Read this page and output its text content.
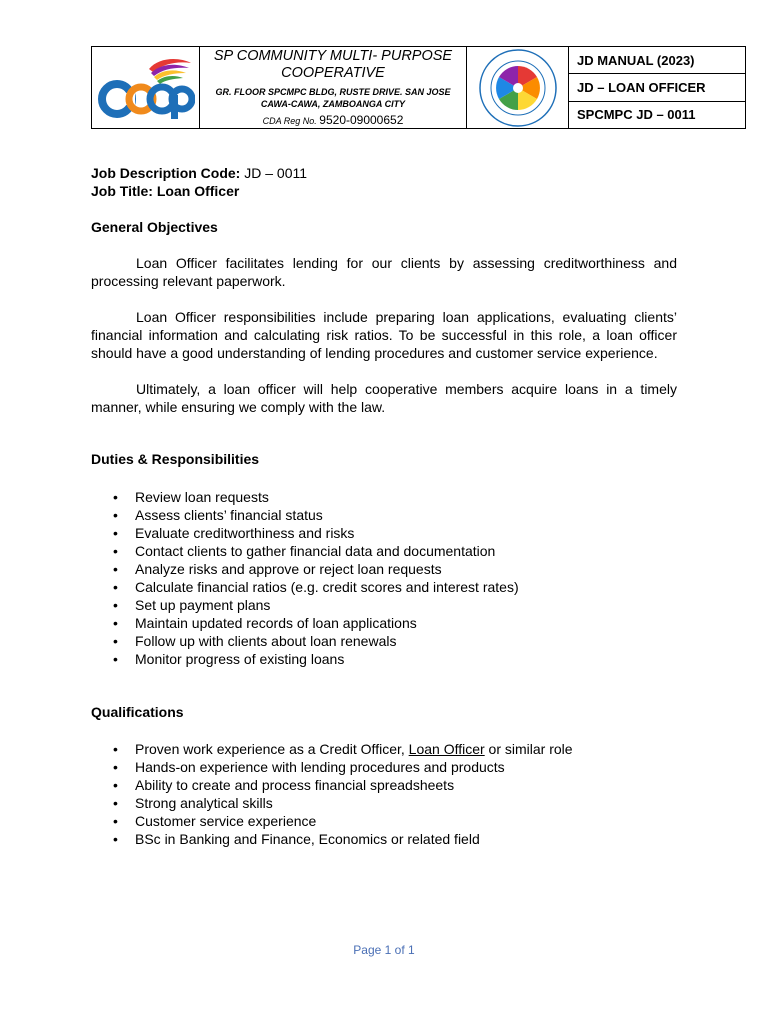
SP COMMUNITY MULTI- PURPOSE COOPERATIVE
GR. FLOOR SPCMPC BLDG, RUSTE DRIVE. SAN JOSE CAWA-CAWA, ZAMBOANGA CITY
CDA Reg No. 9520-09000652
JD MANUAL (2023)
JD – LOAN OFFICER
SPCMPC JD – 0011
Job Description Code: JD – 0011
Job Title: Loan Officer
General Objectives

Loan Officer facilitates lending for our clients by assessing creditworthiness and processing relevant paperwork.

Loan Officer responsibilities include preparing loan applications, evaluating clients’ financial information and calculating risk ratios. To be successful in this role, a loan officer should have a good understanding of lending procedures and customer service experience.

Ultimately, a loan officer will help cooperative members acquire loans in a timely manner, while ensuring we comply with the law.

Duties & Responsibilities
• Review loan requests
• Assess clients’ financial status
• Evaluate creditworthiness and risks
• Contact clients to gather financial data and documentation
• Analyze risks and approve or reject loan requests
• Calculate financial ratios (e.g. credit scores and interest rates)
• Set up payment plans
• Maintain updated records of loan applications
• Follow up with clients about loan renewals
• Monitor progress of existing loans
Qualifications
• Proven work experience as a Credit Officer, Loan Officer or similar role
• Hands-on experience with lending procedures and products
• Ability to create and process financial spreadsheets
• Strong analytical skills
• Customer service experience
• BSc in Banking and Finance, Economics or related field
Page 1 of 1
